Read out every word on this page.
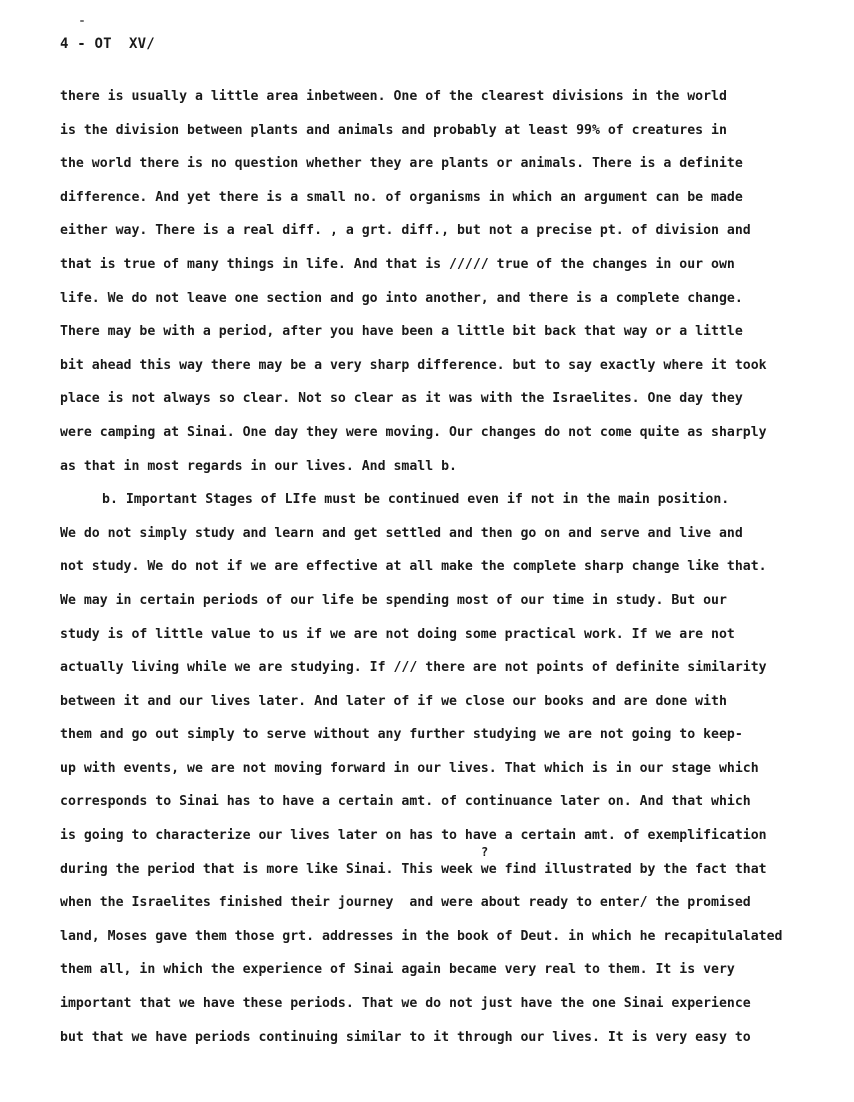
4 - OT  XV/
?
there is usually a little area inbetween. One of the clearest divisions in the world
is the division between plants and animals and probably at least 99% of creatures in
the world there is no question whether they are plants or animals. There is a definite
difference. And yet there is a small no. of organisms in which an argument can be made
either way. There is a real diff. , a grt. diff., but not a precise pt. of division and
that is true of many things in life. And that is ///// true of the changes in our own
life. We do not leave one section and go into another, and there is a complete change.
There may be with a period, after you have been a little bit back that way or a little
bit ahead this way there may be a very sharp difference. but to say exactly where it took
place is not always so clear. Not so clear as it was with the Israelites. One day they
were camping at Sinai. One day they were moving. Our changes do not come quite as sharply
as that in most regards in our lives. And small b.
b. Important Stages of LIfe must be continued even if not in the main position.
We do not simply study and learn and get settled and then go on and serve and live and
not study. We do not if we are effective at all make the complete sharp change like that.
We may in certain periods of our life be spending most of our time in study. But our
study is of little value to us if we are not doing some practical work. If we are not
actually living while we are studying. If /// there are not points of definite similarity
between it and our lives later. And later of if we close our books and are done with
them and go out simply to serve without any further studying we are not going to keep-
up with events, we are not moving forward in our lives. That which is in our stage which
corresponds to Sinai has to have a certain amt. of continuance later on. And that which
is going to characterize our lives later on has to have a certain amt. of exemplification
during the period that is more like Sinai. This week we find illustrated by the fact that
when the Israelites finished their journey  and were about ready to enter/ the promised
land, Moses gave them those grt. addresses in the book of Deut. in which he recapitulalated
them all, in which the experience of Sinai again became very real to them. It is very
important that we have these periods. That we do not just have the one Sinai experience
but that we have periods continuing similar to it through our lives. It is very easy to
